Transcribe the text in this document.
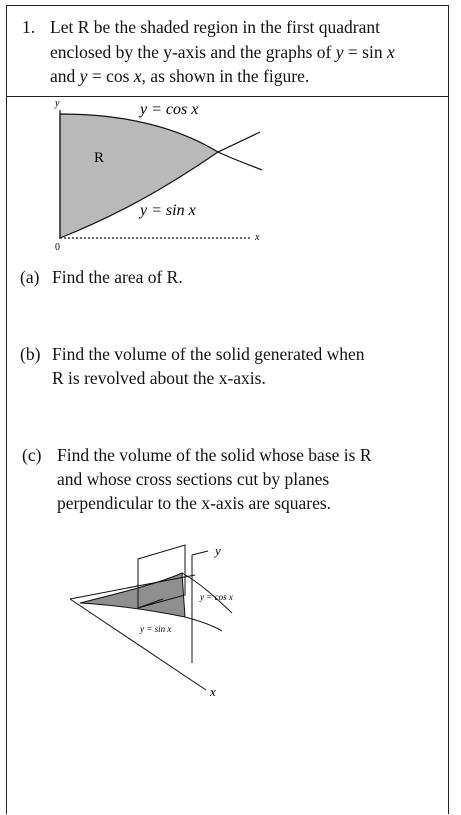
1. Let R be the shaded region in the first quadrant
enclosed by the y-axis and the graphs of y = sin x
and y = cos x, as shown in the figure.
y
x
0
R
y = cos x
y = sin x
(a) Find the area of R.
(b) Find the volume of the solid generated when
R is revolved about the x-axis.
(c) Find the volume of the solid whose base is R
and whose cross sections cut by planes
perpendicular to the x-axis are squares.
y
x
y = cos x
y = sin x
